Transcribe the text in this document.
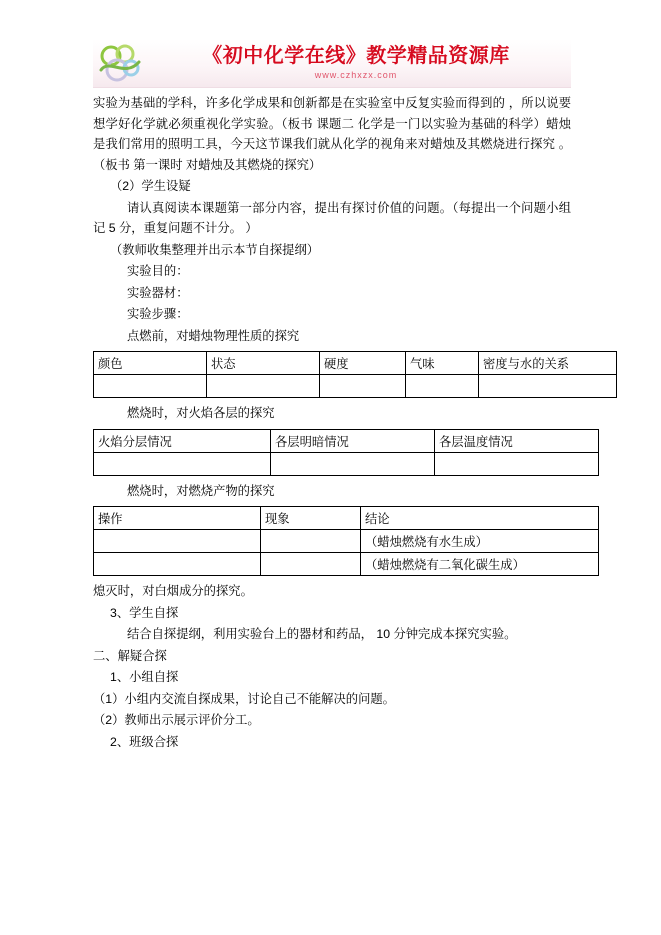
《初中化学在线》教学精品资源库
www.czhxzx.com

实验为基础的学科，许多化学成果和创新都是在实验室中反复实验而得到的 ，所以说要想学好化学就必须重视化学实验。（板书 课题二 化学是一门以实验为基础的科学）蜡烛是我们常用的照明工具，今天这节课我们就从化学的视角来对蜡烛及其燃烧进行探究 。（板书 第一课时 对蜡烛及其燃烧的探究）

（2）学生设疑

请认真阅读本课题第一部分内容，提出有探讨价值的问题。（每提出一个问题小组记 5 分，重复问题不计分。 ）

（教师收集整理并出示本节自探提纲）

实验目的：

实验器材：

实验步骤：

点燃前，对蜡烛物理性质的探究

颜色	状态	硬度	气味	密度与水的关系

燃烧时，对火焰各层的探究

火焰分层情况	各层明暗情况	各层温度情况

燃烧时，对燃烧产物的探究

操作	现象	结论
		（蜡烛燃烧有水生成）
		（蜡烛燃烧有二氧化碳生成）

熄灭时，对白烟成分的探究。

3、学生自探

结合自探提纲，利用实验台上的器材和药品， 10 分钟完成本探究实验。

二、解疑合探

1、小组自探

（1）小组内交流自探成果，讨论自己不能解决的问题。

（2）教师出示展示评价分工。

2、班级合探
